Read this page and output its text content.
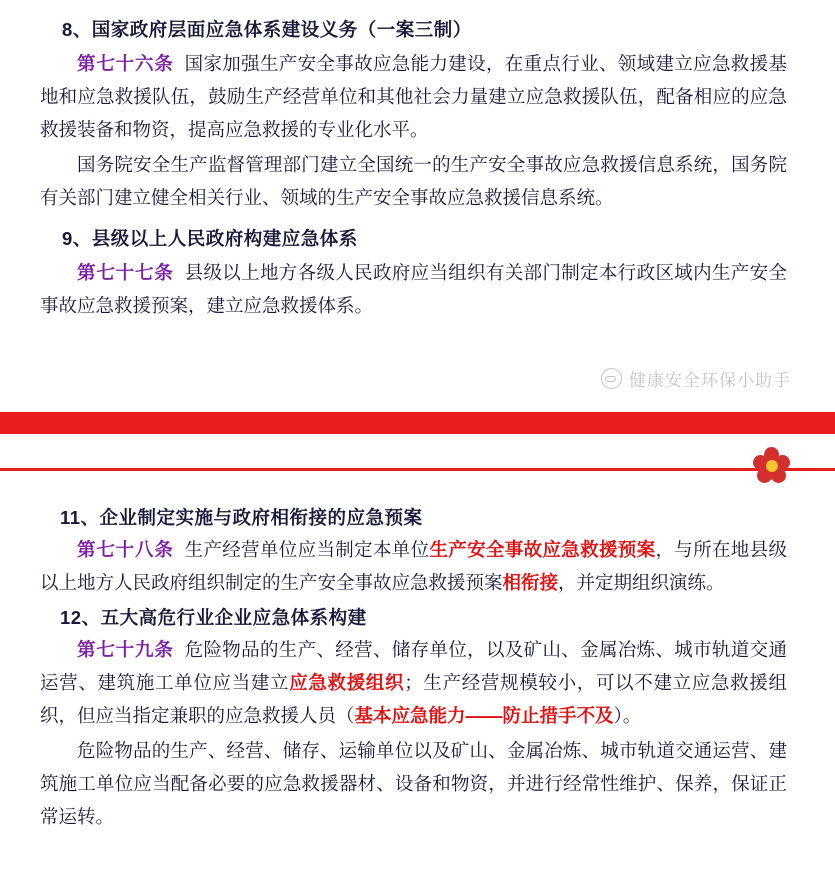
8、国家政府层面应急体系建设义务（一案三制）

第七十六条 国家加强生产安全事故应急能力建设，在重点行业、领域建立应急救援基地和应急救援队伍，鼓励生产经营单位和其他社会力量建立应急救援队伍，配备相应的应急救援装备和物资，提高应急救援的专业化水平。

国务院安全生产监督管理部门建立全国统一的生产安全事故应急救援信息系统，国务院有关部门建立健全相关行业、领域的生产安全事故应急救援信息系统。

9、县级以上人民政府构建应急体系

第七十七条 县级以上地方各级人民政府应当组织有关部门制定本行政区域内生产安全事故应急救援预案，建立应急救援体系。

健康安全环保小助手
11、企业制定实施与政府相衔接的应急预案

第七十八条 生产经营单位应当制定本单位生产安全事故应急救援预案，与所在地县级以上地方人民政府组织制定的生产安全事故应急救援预案相衔接，并定期组织演练。

12、五大高危行业企业应急体系构建

第七十九条 危险物品的生产、经营、储存单位，以及矿山、金属冶炼、城市轨道交通运营、建筑施工单位应当建立应急救援组织；生产经营规模较小，可以不建立应急救援组织，但应当指定兼职的应急救援人员（基本应急能力——防止措手不及）。

危险物品的生产、经营、储存、运输单位以及矿山、金属冶炼、城市轨道交通运营、建筑施工单位应当配备必要的应急救援器材、设备和物资，并进行经常性维护、保养，保证正常运转。
